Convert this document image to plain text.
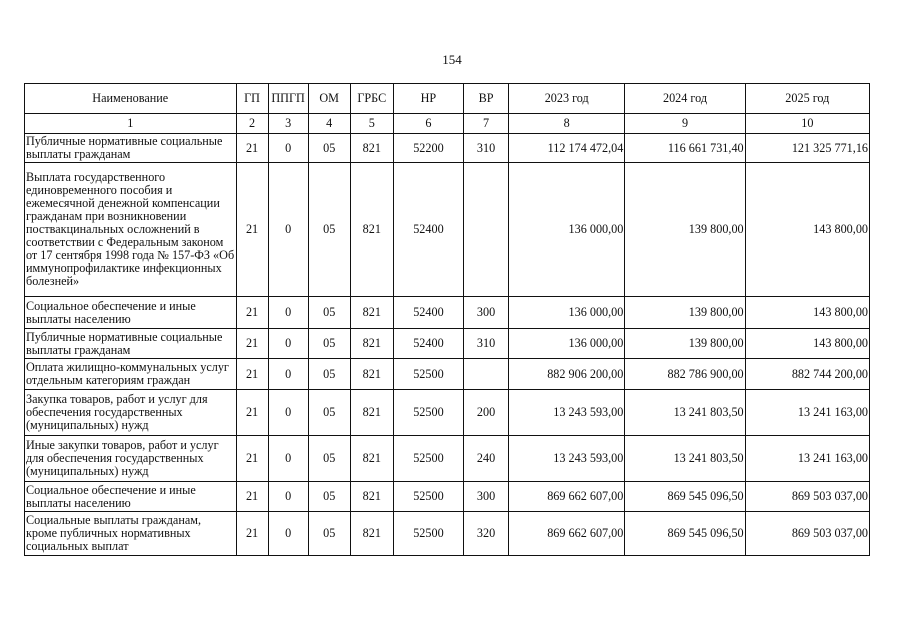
154
Наименование	ГП	ППГП	ОМ	ГРБС	НР	ВР	2023 год	2024 год	2025 год
1	2	3	4	5	6	7	8	9	10
Публичные нормативные социальные выплаты гражданам	21	0	05	821	52200	310	112 174 472,04	116 661 731,40	121 325 771,16
Выплата государственного единовременного пособия и ежемесячной денежной компенсации гражданам при возникновении поствакцинальных осложнений в соответствии с Федеральным законом от 17 сентября 1998 года № 157-ФЗ «Об иммунопрофилактике инфекционных болезней»	21	0	05	821	52400		136 000,00	139 800,00	143 800,00
Социальное обеспечение и иные выплаты населению	21	0	05	821	52400	300	136 000,00	139 800,00	143 800,00
Публичные нормативные социальные выплаты гражданам	21	0	05	821	52400	310	136 000,00	139 800,00	143 800,00
Оплата жилищно-коммунальных услуг отдельным категориям граждан	21	0	05	821	52500		882 906 200,00	882 786 900,00	882 744 200,00
Закупка товаров, работ и услуг для обеспечения государственных (муниципальных) нужд	21	0	05	821	52500	200	13 243 593,00	13 241 803,50	13 241 163,00
Иные закупки товаров, работ и услуг для обеспечения государственных (муниципальных) нужд	21	0	05	821	52500	240	13 243 593,00	13 241 803,50	13 241 163,00
Социальное обеспечение и иные выплаты населению	21	0	05	821	52500	300	869 662 607,00	869 545 096,50	869 503 037,00
Социальные выплаты гражданам, кроме публичных нормативных социальных выплат	21	0	05	821	52500	320	869 662 607,00	869 545 096,50	869 503 037,00
